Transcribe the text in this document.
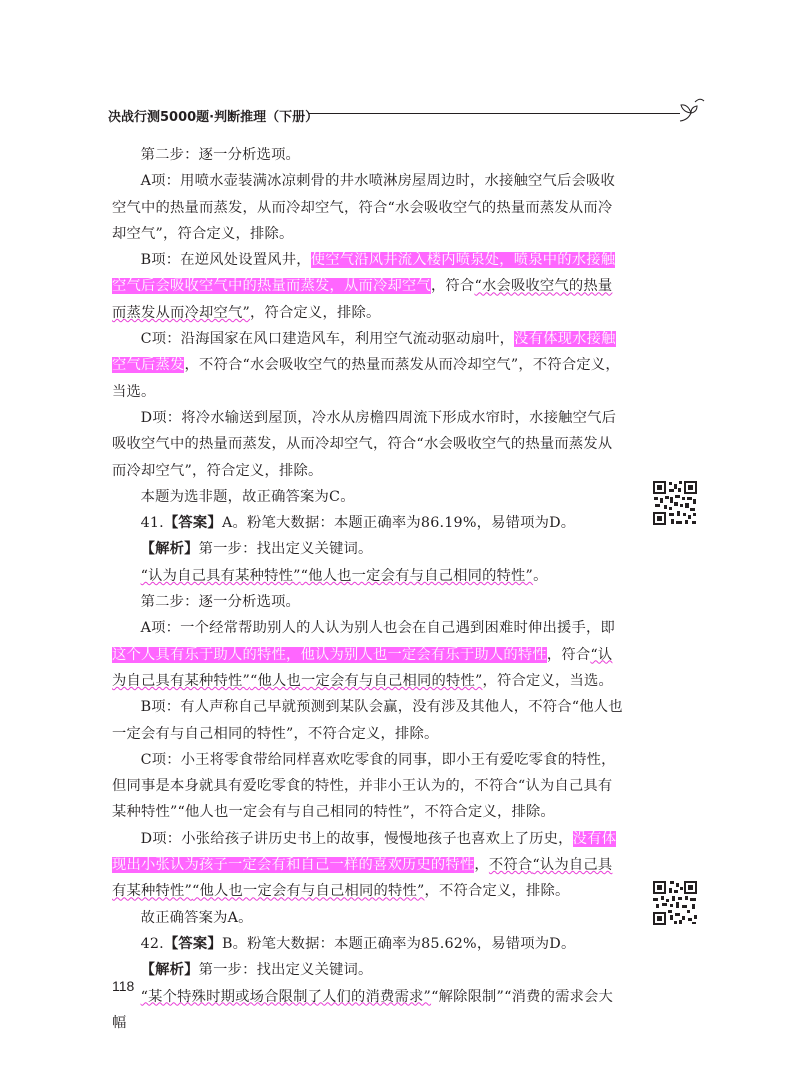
决战行测5000题·判断推理（下册）

第二步：逐一分析选项。

A项：用喷水壶装满冰凉刺骨的井水喷淋房屋周边时，水接触空气后会吸收空气中的热量而蒸发，从而冷却空气，符合“水会吸收空气的热量而蒸发从而冷却空气”，符合定义，排除。

B项：在逆风处设置风井，使空气沿风井流入楼内喷泉处，喷泉中的水接触空气后会吸收空气中的热量而蒸发，从而冷却空气，符合“水会吸收空气的热量而蒸发从而冷却空气”，符合定义，排除。

C项：沿海国家在风口建造风车，利用空气流动驱动扇叶，没有体现水接触空气后蒸发，不符合“水会吸收空气的热量而蒸发从而冷却空气”，不符合定义，当选。

D项：将冷水输送到屋顶，冷水从房檐四周流下形成水帘时，水接触空气后吸收空气中的热量而蒸发，从而冷却空气，符合“水会吸收空气的热量而蒸发从而冷却空气”，符合定义，排除。

本题为选非题，故正确答案为C。

41.【答案】A。粉笔大数据：本题正确率为86.19%，易错项为D。

【解析】第一步：找出定义关键词。

“认为自己具有某种特性”“他人也一定会有与自己相同的特性”。

第二步：逐一分析选项。

A项：一个经常帮助别人的人认为别人也会在自己遇到困难时伸出援手，即这个人具有乐于助人的特性，他认为别人也一定会有乐于助人的特性，符合“认为自己具有某种特性”“他人也一定会有与自己相同的特性”，符合定义，当选。

B项：有人声称自己早就预测到某队会赢，没有涉及其他人，不符合“他人也一定会有与自己相同的特性”，不符合定义，排除。

C项：小王将零食带给同样喜欢吃零食的同事，即小王有爱吃零食的特性，但同事是本身就具有爱吃零食的特性，并非小王认为的，不符合“认为自己具有某种特性”“他人也一定会有与自己相同的特性”，不符合定义，排除。

D项：小张给孩子讲历史书上的故事，慢慢地孩子也喜欢上了历史，没有体现出小张认为孩子一定会有和自己一样的喜欢历史的特性，不符合“认为自己具有某种特性”“他人也一定会有与自己相同的特性”，不符合定义，排除。

故正确答案为A。

42.【答案】B。粉笔大数据：本题正确率为85.62%，易错项为D。

【解析】第一步：找出定义关键词。

“某个特殊时期或场合限制了人们的消费需求”“解除限制”“消费的需求会大幅

118
